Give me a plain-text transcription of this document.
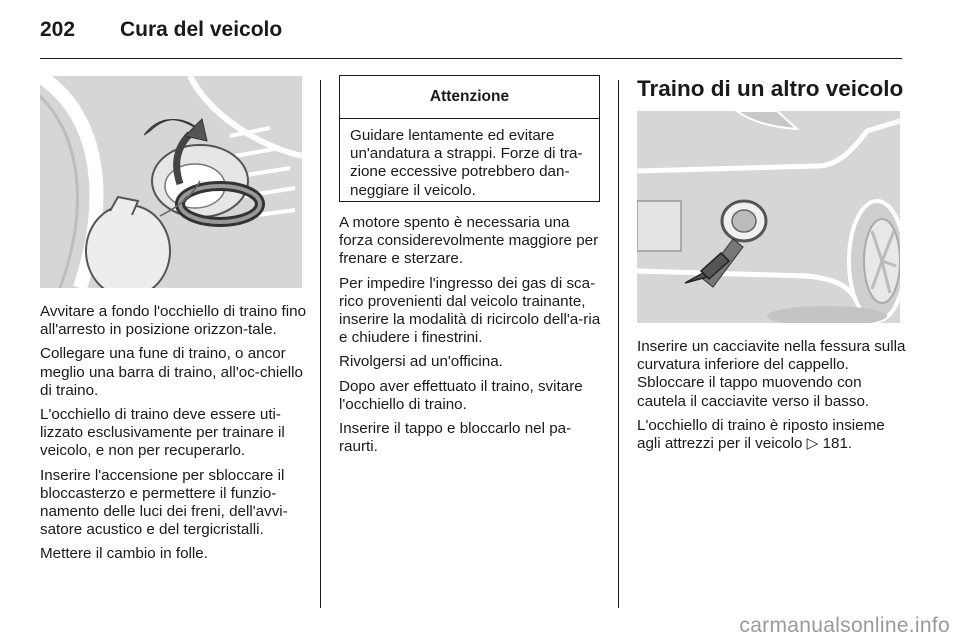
202 Cura del veicolo

Avvitare a fondo l'occhiello di traino fino all'arresto in posizione orizzon-tale.

Collegare una fune di traino, o ancor meglio una barra di traino, all'oc-chiello di traino.

L'occhiello di traino deve essere uti-lizzato esclusivamente per trainare il veicolo, e non per recuperarlo.

Inserire l'accensione per sbloccare il bloccasterzo e permettere il funzio-namento delle luci dei freni, dell'avvi-satore acustico e del tergicristalli.

Mettere il cambio in folle.

Attenzione

Guidare lentamente ed evitare un'andatura a strappi. Forze di tra-zione eccessive potrebbero dan-neggiare il veicolo.

A motore spento è necessaria una forza considerevolmente maggiore per frenare e sterzare.

Per impedire l'ingresso dei gas di sca-rico provenienti dal veicolo trainante, inserire la modalità di ricircolo dell'a-ria e chiudere i finestrini.

Rivolgersi ad un'officina.

Dopo aver effettuato il traino, svitare l'occhiello di traino.

Inserire il tappo e bloccarlo nel pa-raurti.

Traino di un altro veicolo

Inserire un cacciavite nella fessura sulla curvatura inferiore del cappello. Sbloccare il tappo muovendo con cautela il cacciavite verso il basso.

L'occhiello di traino è riposto insieme agli attrezzi per il veicolo ▷ 181.

carmanualsonline.info
